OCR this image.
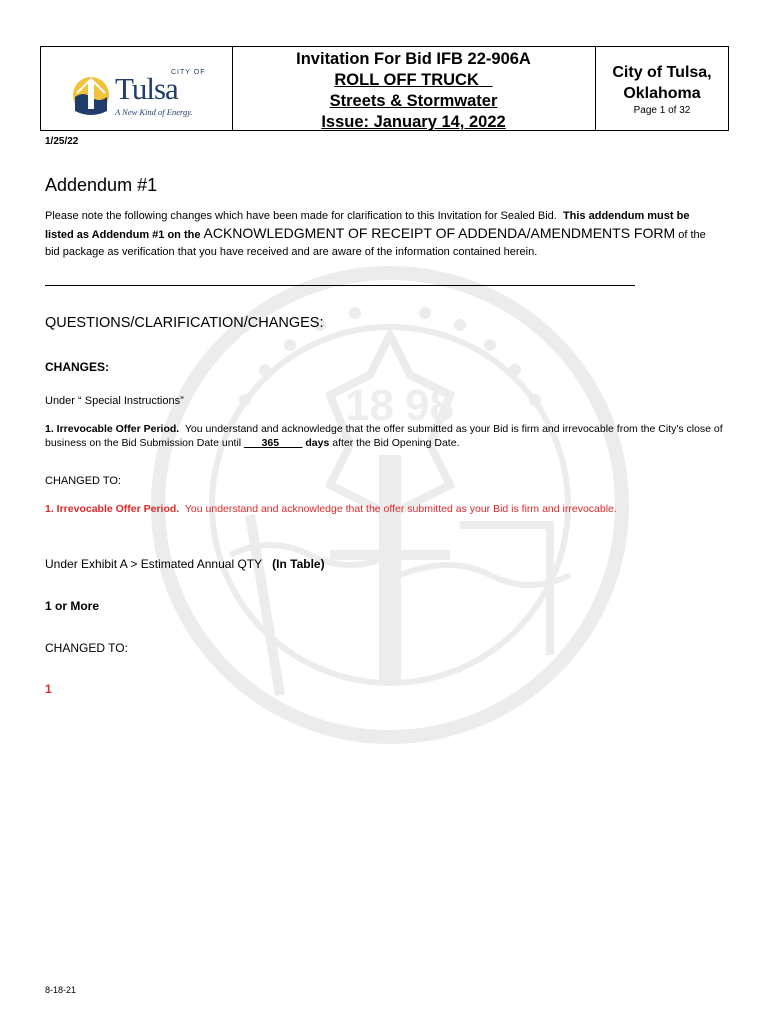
18 98
CITY OF
Tulsa
A New Kind of Energy.
Invitation For Bid IFB 22-906A
ROLL OFF TRUCK
Streets & Stormwater
Issue: January 14, 2022
City of Tulsa,
Oklahoma
Page 1 of 32
1/25/22
Addendum #1
Please note the following changes which have been made for clarification to this Invitation for Sealed Bid. This addendum must be listed as Addendum #1 on the ACKNOWLEDGMENT OF RECEIPT OF ADDENDA/AMENDMENTS FORM of the bid package as verification that you have received and are aware of the information contained herein.
QUESTIONS/CLARIFICATION/CHANGES:
CHANGES:
Under “ Special Instructions”
1. Irrevocable Offer Period. You understand and acknowledge that the offer submitted as your Bid is firm and irrevocable from the City's close of business on the Bid Submission Date until ___365____ days after the Bid Opening Date.
CHANGED TO:
1. Irrevocable Offer Period. You understand and acknowledge that the offer submitted as your Bid is firm and irrevocable.
Under Exhibit A > Estimated Annual QTY (In Table)
1 or More
CHANGED TO:
1
8-18-21
